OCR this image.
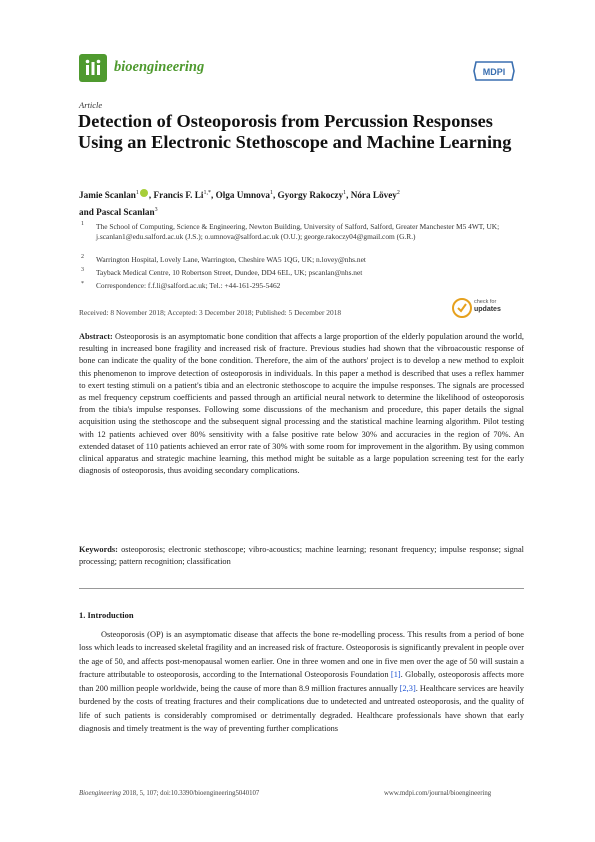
bioengineering	MDPI
Article
Detection of Osteoporosis from Percussion Responses Using an Electronic Stethoscope and Machine Learning
Jamie Scanlan$^1$ , Francis F. $Li^{1,*}$, Olga Umnova$^1$, Gyorgy Rakoczy$^1$, Nóra Lövey$^2$
and Pascal Scanlan$^3$
1	The School of Computing, Science & Engineering, Newton Building, University of Salford, Salford, Greater Manchester M5 4WT, UK; j.scanlan1@edu.salford.ac.uk (J.S.); o.umnova@salford.ac.uk (O.U.); george.rakoczy04@gmail.com (G.R.)
2	Warrington Hospital, Lovely Lane, Warrington, Cheshire WA5 1QG, UK; n.lovey@nhs.net
3	Tayback Medical Centre, 10 Robertson Street, Dundee, DD4 6EL, UK; pscanlan@nhs.net
*	Correspondence: f.f.li@salford.ac.uk; Tel.: +44-161-295-5462
Received: 8 November 2018; Accepted: 3 December 2018; Published: 5 December 2018
check for
updates
Abstract: Osteoporosis is an asymptomatic bone condition that affects a large proportion of the elderly population around the world, resulting in increased bone fragility and increased risk of fracture. Previous studies had shown that the vibroacoustic response of bone can indicate the quality of the bone condition. Therefore, the aim of the authors' project is to develop a new method to exploit this phenomenon to improve detection of osteoporosis in individuals. In this paper a method is described that uses a reflex hammer to exert testing stimuli on a patient's tibia and an electronic stethoscope to acquire the impulse responses. The signals are processed as mel frequency cepstrum coefficients and passed through an artificial neural network to determine the likelihood of osteoporosis from the tibia's impulse responses. Following some discussions of the mechanism and procedure, this paper details the signal acquisition using the stethoscope and the subsequent signal processing and the statistical machine learning algorithm. Pilot testing with 12 patients achieved over 80% sensitivity with a false positive rate below 30% and accuracies in the region of 70%. An extended dataset of 110 patients achieved an error rate of 30% with some room for improvement in the algorithm. By using common clinical apparatus and strategic machine learning, this method might be suitable as a large population screening test for the early diagnosis of osteoporosis, thus avoiding secondary complications.
Keywords: osteoporosis; electronic stethoscope; vibro-acoustics; machine learning; resonant frequency; impulse response; signal processing; pattern recognition; classification
1. Introduction
Osteoporosis (OP) is an asymptomatic disease that affects the bone re-modelling process. This results from a period of bone loss which leads to increased skeletal fragility and an increased risk of fracture. Osteoporosis is significantly prevalent in people over the age of 50, and affects post-menopausal women earlier. One in three women and one in five men over the age of 50 will sustain a fracture attributable to osteoporosis, according to the International Osteoporosis Foundation [1]. Globally, osteoporosis affects more than 200 million people worldwide, being the cause of more than 8.9 million fractures annually [2,3]. Healthcare services are heavily burdened by the costs of treating fractures and their complications due to undetected and untreated osteoporosis, and the quality of life of such patients is considerably compromised or detrimentally degraded. Healthcare professionals have shown that early diagnosis and timely treatment is the way of preventing further complications
Bioengineering 2018, 5, 107; doi:10.3390/bioengineering5040107	www.mdpi.com/journal/bioengineering
